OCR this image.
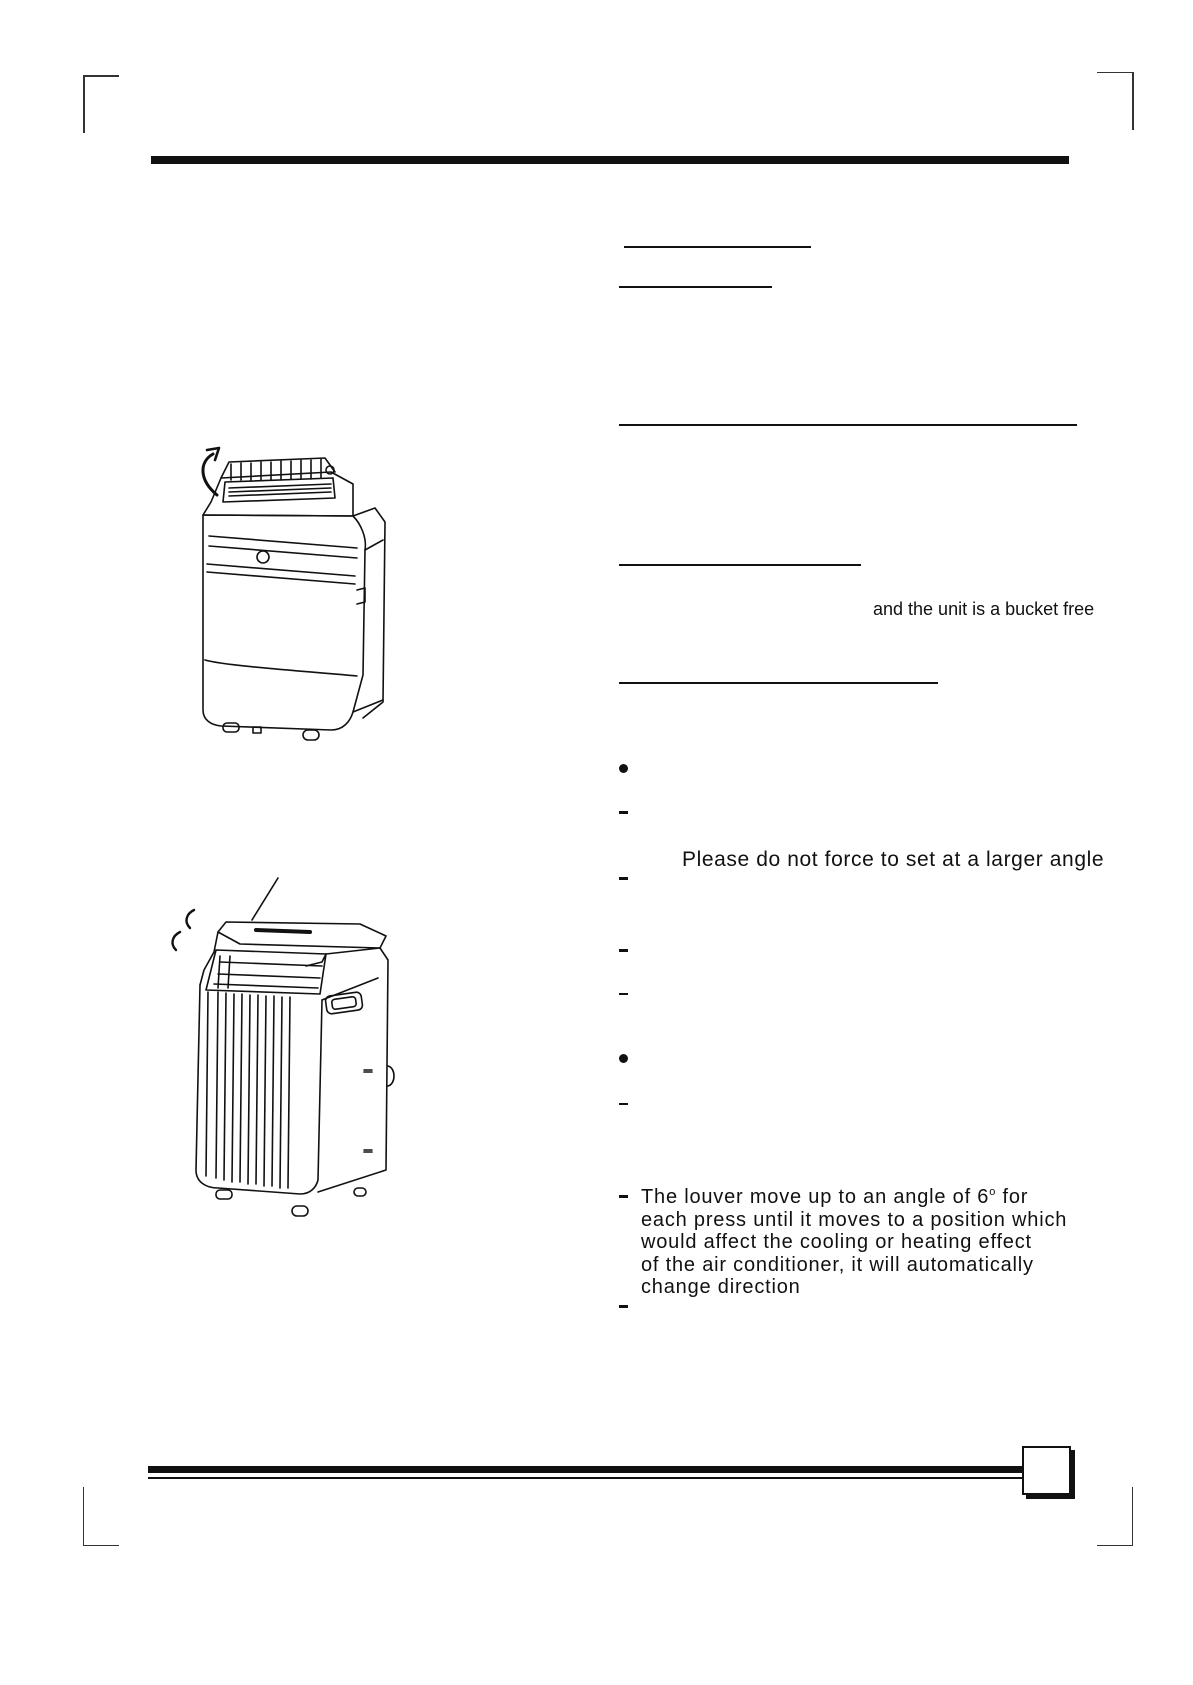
and the unit is a bucket free
Please do not force to set at a larger angle
The louver move up to an angle of 6$^o$ for
each press until it moves to a position which
would affect the cooling or heating effect
of the air conditioner, it will automatically
change direction
